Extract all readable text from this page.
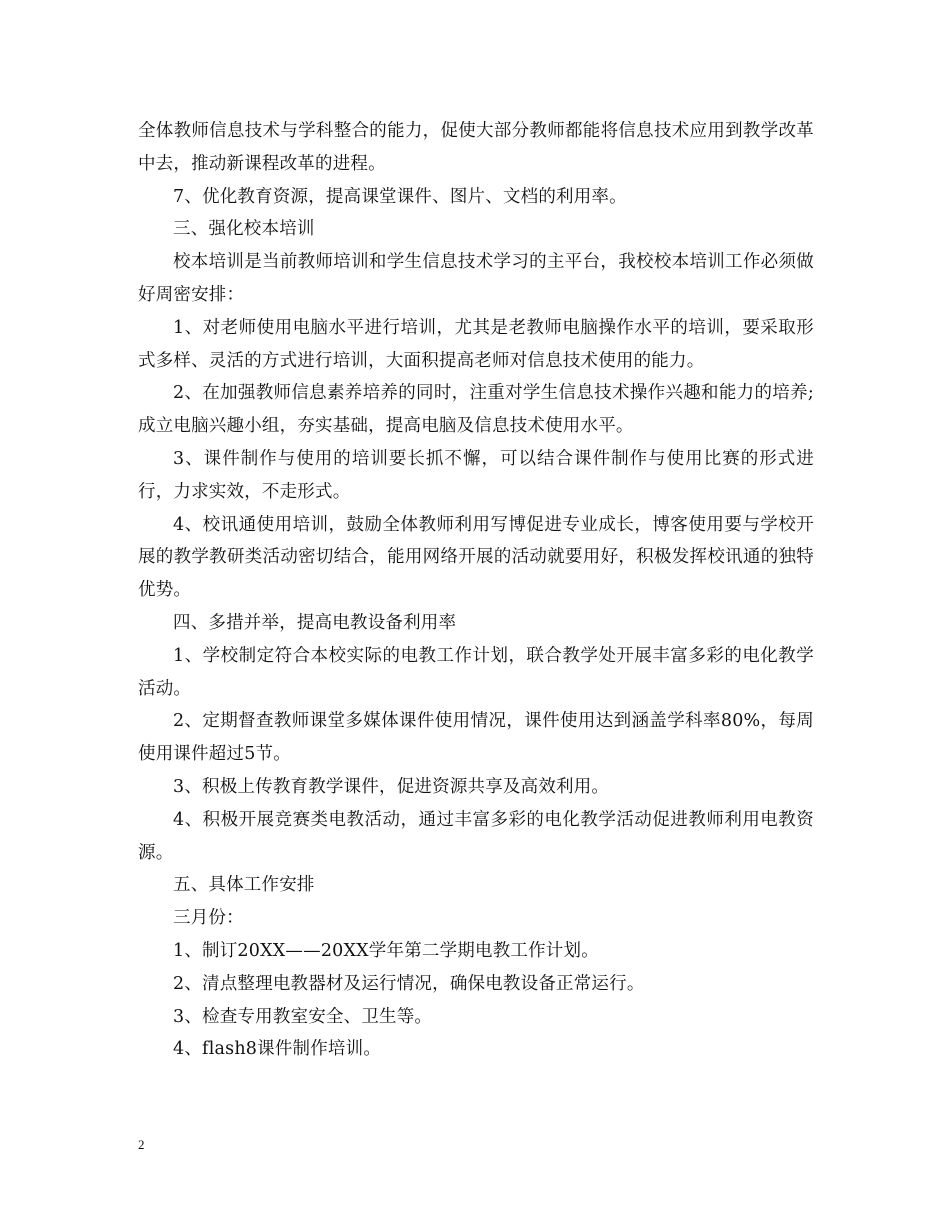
全体教师信息技术与学科整合的能力，促使大部分教师都能将信息技术应用到教学改革中去，推动新课程改革的进程。

7、优化教育资源，提高课堂课件、图片、文档的利用率。

三、强化校本培训

校本培训是当前教师培训和学生信息技术学习的主平台，我校校本培训工作必须做好周密安排：

1、对老师使用电脑水平进行培训，尤其是老教师电脑操作水平的培训，要采取形式多样、灵活的方式进行培训，大面积提高老师对信息技术使用的能力。

2、在加强教师信息素养培养的同时，注重对学生信息技术操作兴趣和能力的培养;成立电脑兴趣小组，夯实基础，提高电脑及信息技术使用水平。

3、课件制作与使用的培训要长抓不懈，可以结合课件制作与使用比赛的形式进行，力求实效，不走形式。

4、校讯通使用培训，鼓励全体教师利用写博促进专业成长，博客使用要与学校开展的教学教研类活动密切结合，能用网络开展的活动就要用好，积极发挥校讯通的独特优势。

四、多措并举，提高电教设备利用率

1、学校制定符合本校实际的电教工作计划，联合教学处开展丰富多彩的电化教学活动。

2、定期督查教师课堂多媒体课件使用情况，课件使用达到涵盖学科率80%，每周使用课件超过5节。

3、积极上传教育教学课件，促进资源共享及高效利用。

4、积极开展竞赛类电教活动，通过丰富多彩的电化教学活动促进教师利用电教资源。

五、具体工作安排

三月份：

1、制订20XX——20XX学年第二学期电教工作计划。

2、清点整理电教器材及运行情况，确保电教设备正常运行。

3、检查专用教室安全、卫生等。

4、flash8课件制作培训。

2
